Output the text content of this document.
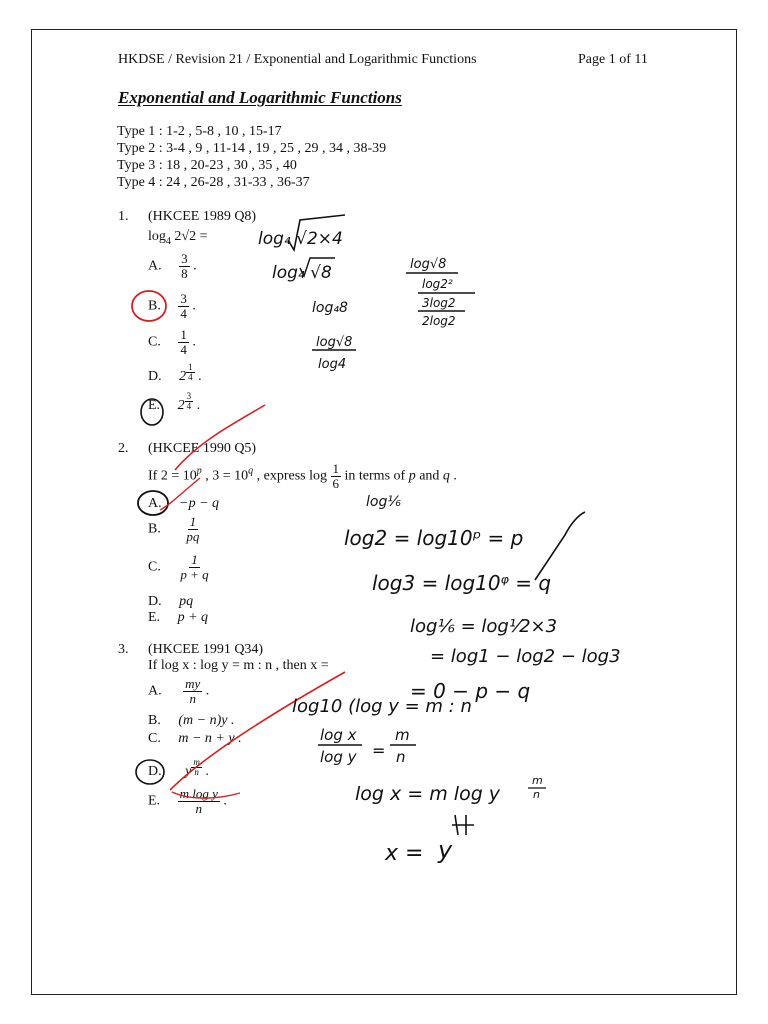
HKDSE / Revision 21 / Exponential and Logarithmic Functions	Page 1 of 11
Exponential and Logarithmic Functions
Type 1 : 1-2 , 5-8 , 10 , 15-17
Type 2 : 3-4 , 9 , 11-14 , 19 , 25 , 29 , 34 , 38-39
Type 3 : 18 , 20-23 , 30 , 35 , 40
Type 4 : 24 , 26-28 , 31-33 , 36-37
1. (HKCEE 1989 Q8)
$\log_4 2√2$ =
A. $\frac{3}{8}$ .
B. $\frac{3}{4}$ .
C. $\frac{1}{4}$ .
D. $2 \frac{1}{4}$ .
E. $2 \frac{3}{4}$ .
2. (HKCEE 1990 Q5)
If $2 = 10^p$ , $3 = 10^q$ , express $\log \frac{1}{6}$ in terms of p and q .
A. −p − q
B. $\frac{1}{pq}$
C. $\frac{1}{p + q}$
D. pq
E. p + q
3. (HKCEE 1991 Q34)
If log x : log y = m : n , then x =
A. $\frac{my}{n}$ .
B. (m − n)y .
C. m − n + y .
D. y $\frac{m}{n}$ .
E. $\frac{\text{m log y}}{n}$ .
log₄ √2×4
log₄ √8
log₄8
log√8
log4
log√8
log2²
3log2
2log2
log⅙
log2 = log10ᵖ = p
log3 = log10ᵠ = q
log⅙ = log⅟2×3
= log1 − log2 − log3
= 0 − p − q
log10 (log y = m : n
log x
log y =
m
n
log x = m log y
m
n
x = y
